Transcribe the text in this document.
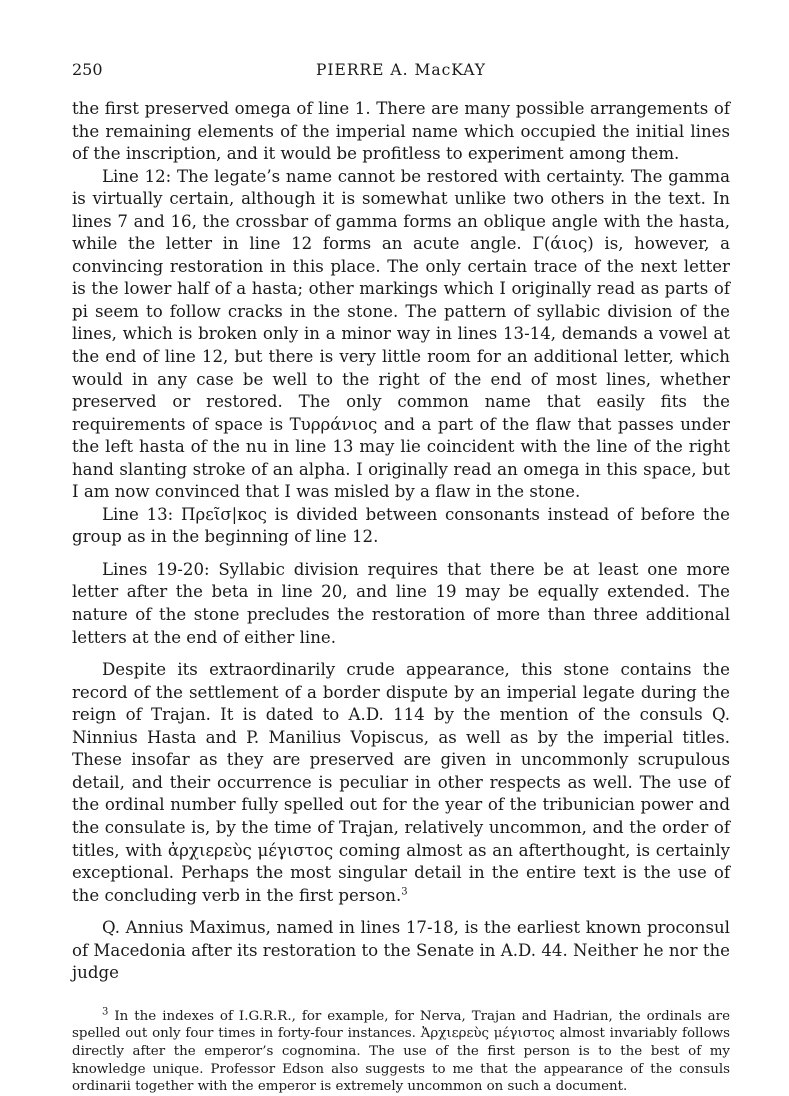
250	PIERRE A. MacKAY

the first preserved omega of line 1. There are many possible arrangements of the remaining elements of the imperial name which occupied the initial lines of the inscription, and it would be profitless to experiment among them.

Line 12: The legate’s name cannot be restored with certainty. The gamma is virtually certain, although it is somewhat unlike two others in the text. In lines 7 and 16, the crossbar of gamma forms an oblique angle with the hasta, while the letter in line 12 forms an acute angle. Γ(άιος) is, however, a convincing restoration in this place. The only certain trace of the next letter is the lower half of a hasta; other markings which I originally read as parts of pi seem to follow cracks in the stone. The pattern of syllabic division of the lines, which is broken only in a minor way in lines 13-14, demands a vowel at the end of line 12, but there is very little room for an additional letter, which would in any case be well to the right of the end of most lines, whether preserved or restored. The only common name that easily fits the requirements of space is Τυρράνιος and a part of the flaw that passes under the left hasta of the nu in line 13 may lie coincident with the line of the right hand slanting stroke of an alpha. I originally read an omega in this space, but I am now convinced that I was misled by a flaw in the stone.

Line 13: Πρεῖσ|κος is divided between consonants instead of before the group as in the beginning of line 12.

Lines 19-20: Syllabic division requires that there be at least one more letter after the beta in line 20, and line 19 may be equally extended. The nature of the stone precludes the restoration of more than three additional letters at the end of either line.

Despite its extraordinarily crude appearance, this stone contains the record of the settlement of a border dispute by an imperial legate during the reign of Trajan. It is dated to A.D. 114 by the mention of the consuls Q. Ninnius Hasta and P. Manilius Vopiscus, as well as by the imperial titles. These insofar as they are preserved are given in uncommonly scrupulous detail, and their occurrence is peculiar in other respects as well. The use of the ordinal number fully spelled out for the year of the tribunician power and the consulate is, by the time of Trajan, relatively uncommon, and the order of titles, with ἀρχιερεὺς μέγιστος coming almost as an afterthought, is certainly exceptional. Perhaps the most singular detail in the entire text is the use of the concluding verb in the first person.$^3$

Q. Annius Maximus, named in lines 17-18, is the earliest known proconsul of Macedonia after its restoration to the Senate in A.D. 44. Neither he nor the judge

$^3$ In the indexes of I.G.R.R., for example, for Nerva, Trajan and Hadrian, the ordinals are spelled out only four times in forty-four instances. Ἀρχιερεὺς μέγιστος almost invariably follows directly after the emperor’s cognomina. The use of the first person is to the best of my knowledge unique. Professor Edson also suggests to me that the appearance of the consuls ordinarii together with the emperor is extremely uncommon on such a document.
